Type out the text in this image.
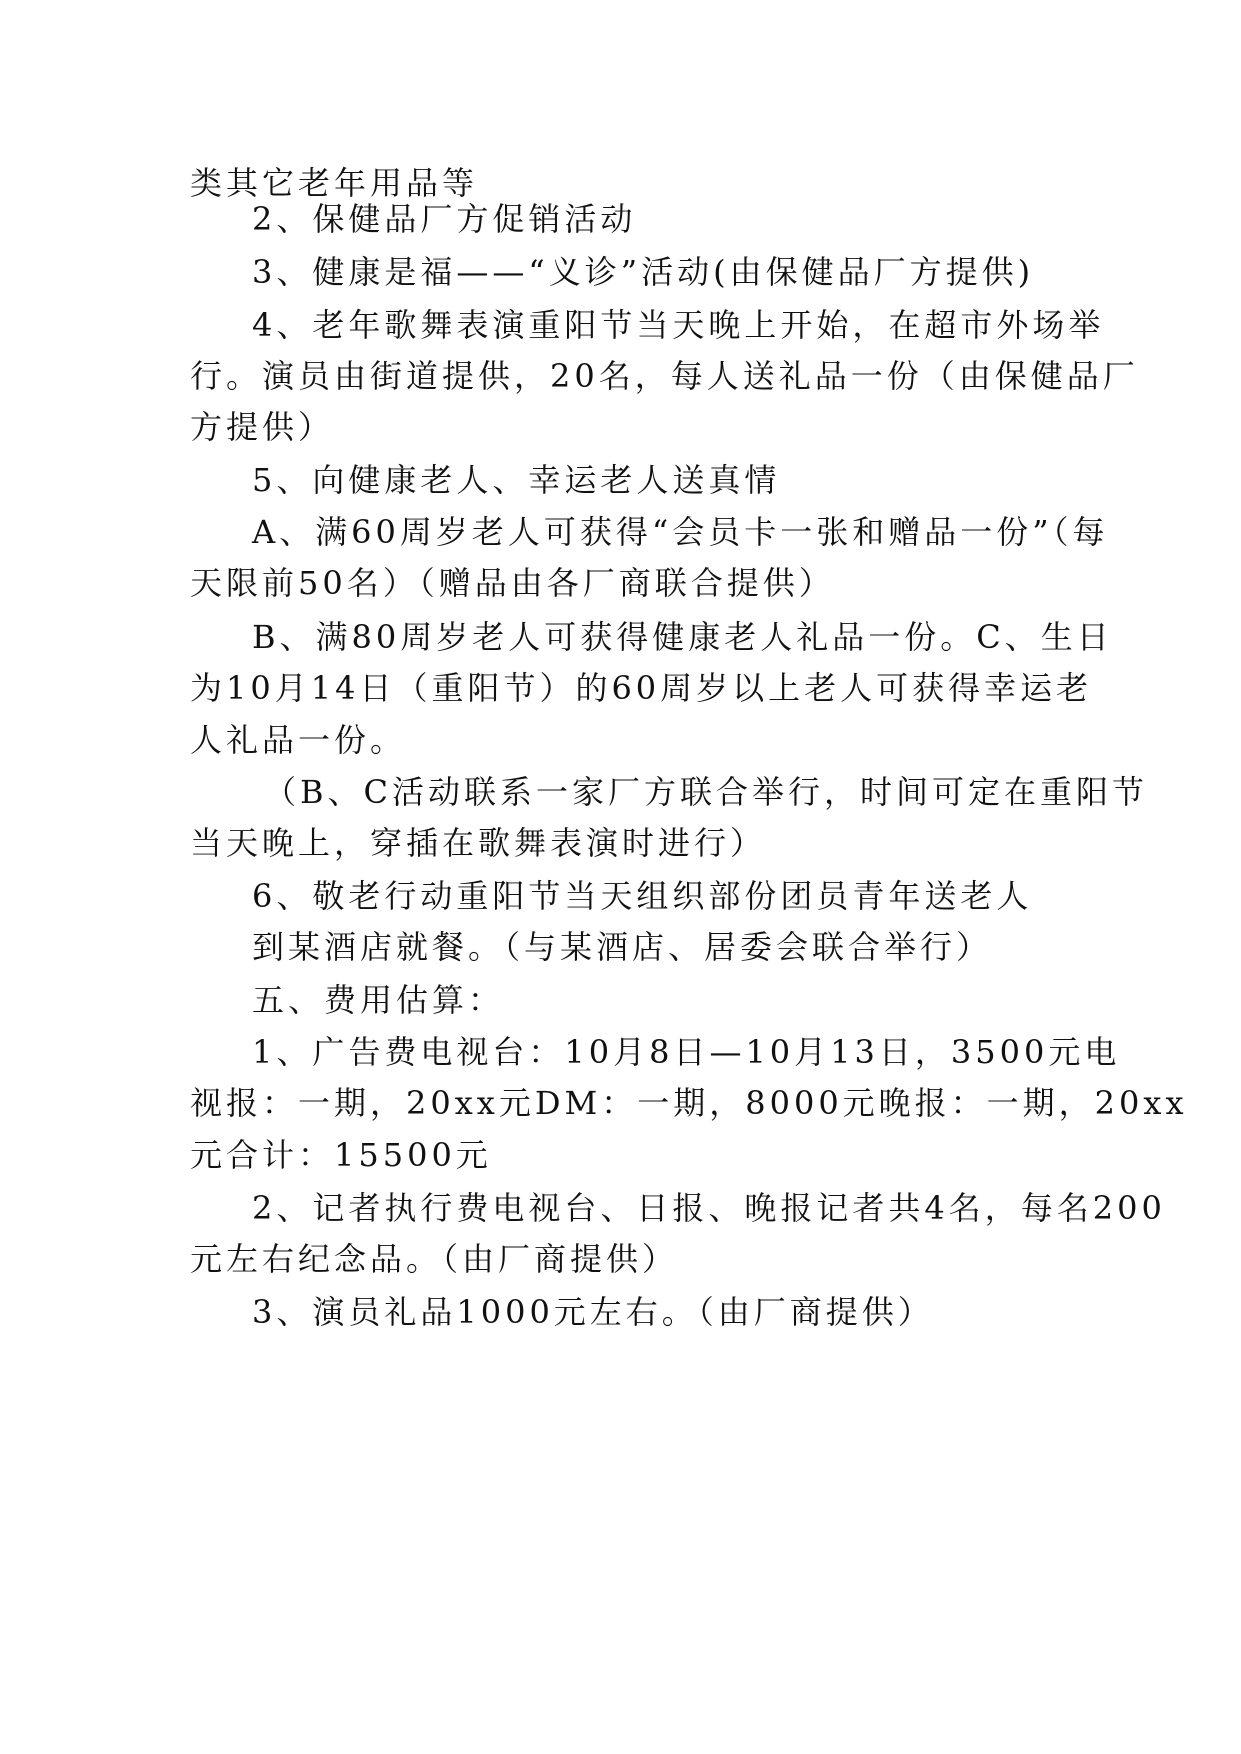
类其它老年用品等
2、保健品厂方促销活动
3、健康是福——“义诊”活动(由保健品厂方提供)
4、老年歌舞表演重阳节当天晚上开始，在超市外场举
行。演员由街道提供，20名，每人送礼品一份（由保健品厂
方提供）
5、向健康老人、幸运老人送真情
A、满60周岁老人可获得“会员卡一张和赠品一份”（每
天限前50名）（赠品由各厂商联合提供）
B、满80周岁老人可获得健康老人礼品一份。C、生日
为10月14日（重阳节）的60周岁以上老人可获得幸运老
人礼品一份。
（B、C活动联系一家厂方联合举行，时间可定在重阳节
当天晚上，穿插在歌舞表演时进行）
6、敬老行动重阳节当天组织部份团员青年送老人
到某酒店就餐。（与某酒店、居委会联合举行）
五、费用估算：
1、广告费电视台：10月8日—10月13日，3500元电
视报：一期，20xx元DM：一期，8000元晚报：一期，20xx
元合计：15500元
2、记者执行费电视台、日报、晚报记者共4名，每名200
元左右纪念品。（由厂商提供）
3、演员礼品1000元左右。（由厂商提供）
